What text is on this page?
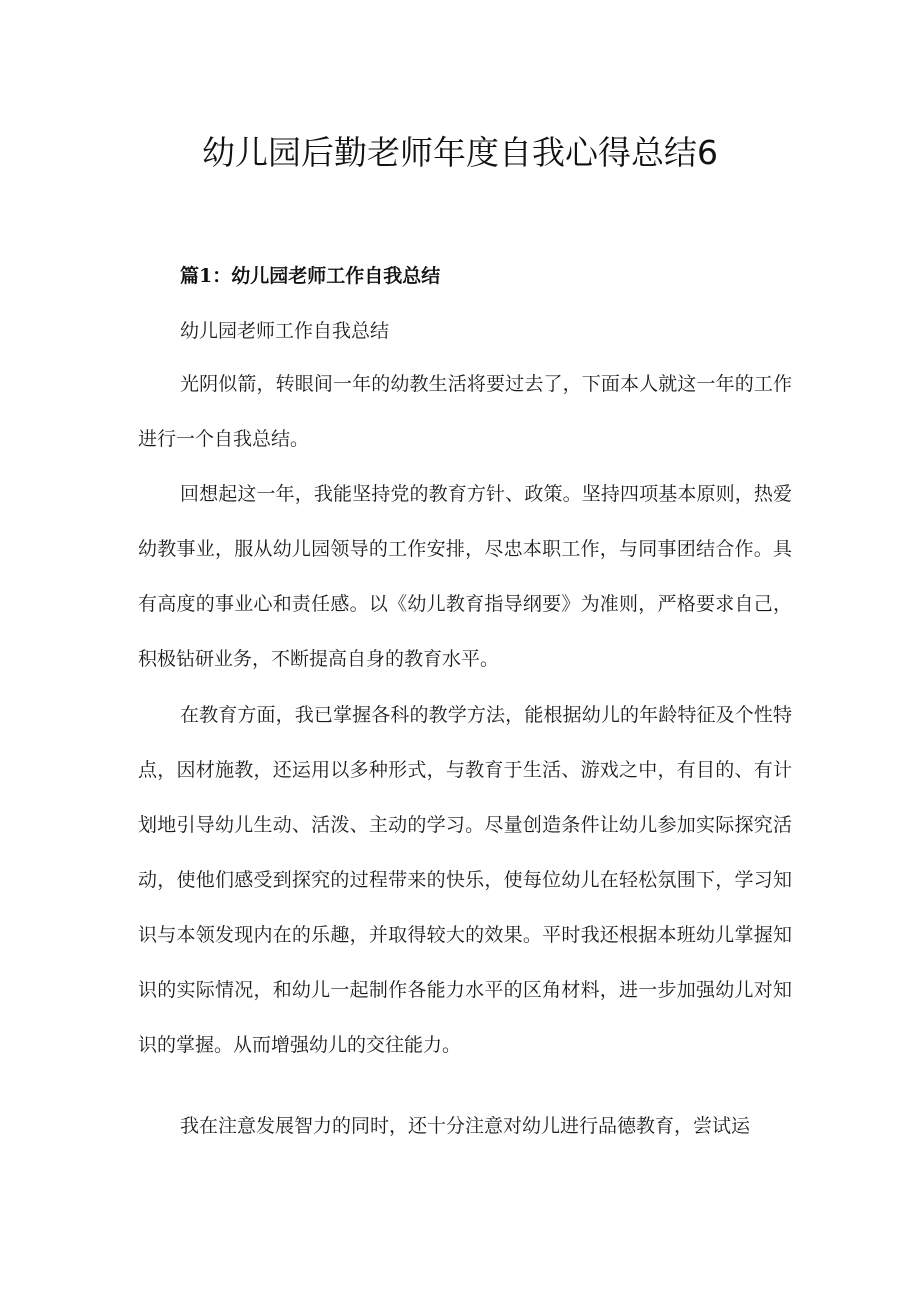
幼儿园后勤老师年度自我心得总结6
篇1：幼儿园老师工作自我总结
幼儿园老师工作自我总结

光阴似箭，转眼间一年的幼教生活将要过去了，下面本人就这一年的工作进行一个自我总结。

回想起这一年，我能坚持党的教育方针、政策。坚持四项基本原则，热爱幼教事业，服从幼儿园领导的工作安排，尽忠本职工作，与同事团结合作。具有高度的事业心和责任感。以《幼儿教育指导纲要》为准则，严格要求自己，积极钻研业务，不断提高自身的教育水平。

在教育方面，我已掌握各科的教学方法，能根据幼儿的年龄特征及个性特点，因材施教，还运用以多种形式，与教育于生活、游戏之中，有目的、有计划地引导幼儿生动、活泼、主动的学习。尽量创造条件让幼儿参加实际探究活动，使他们感受到探究的过程带来的快乐，使每位幼儿在轻松氛围下，学习知识与本领发现内在的乐趣，并取得较大的效果。平时我还根据本班幼儿掌握知识的实际情况，和幼儿一起制作各能力水平的区角材料，进一步加强幼儿对知识的掌握。从而增强幼儿的交往能力。

我在注意发展智力的同时，还十分注意对幼儿进行品德教育，尝试运
